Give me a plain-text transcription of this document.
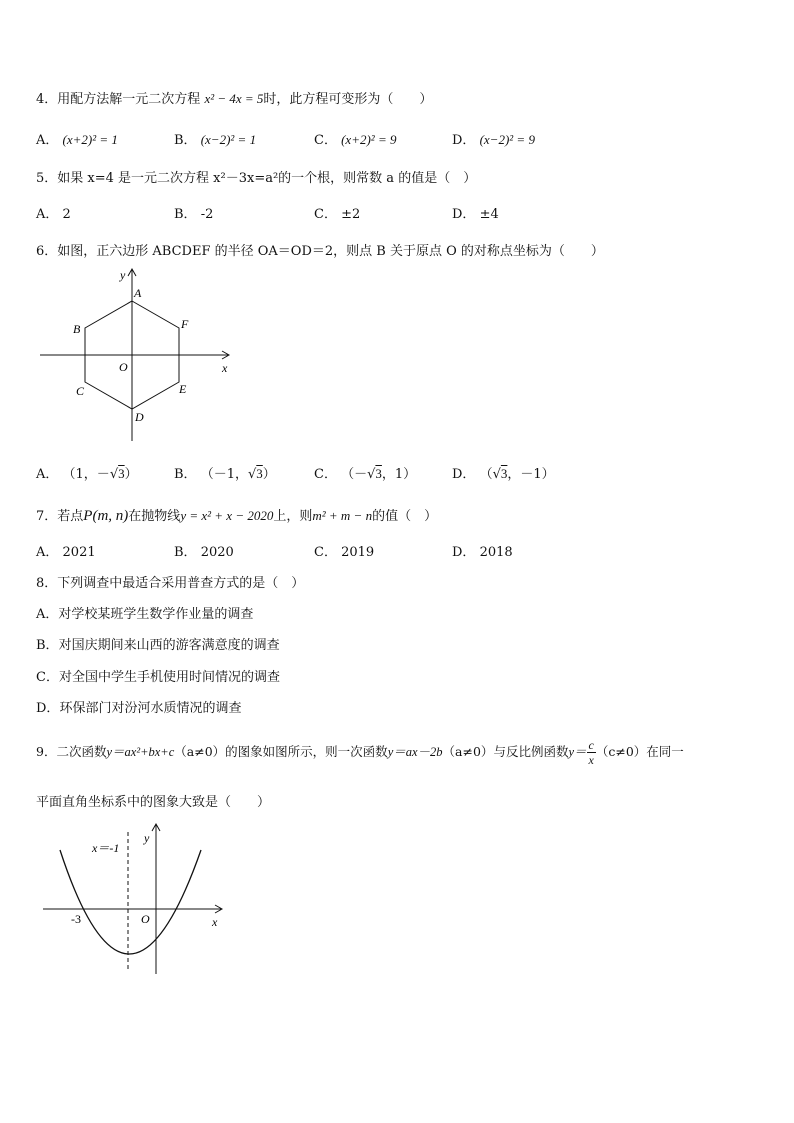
4．用配方法解一元二次方程 x² − 4x = 5时，此方程可变形为（　　）
A． (x+2)² = 1	B． (x−2)² = 1	C． (x+2)² = 9	D． (x−2)² = 9
5．如果 x=4 是一元二次方程 x²－3x=a²的一个根，则常数 a 的值是（　）
A． 2	B． -2	C． ±2	D． ±4
6．如图，正六边形 ABCDEF 的半径 OA＝OD＝2，则点 B 关于原点 O 的对称点坐标为（　　）
A
B
C
D
E
F
O	x
y
A． （1，－√3）	B． （－1，√3）	C． （－√3，1）	D． （√3，－1）
7．若点P(m, n)在抛物线y = x² + x − 2020上，则m² + m − n的值（　）
A． 2021	B． 2020	C． 2019	D． 2018
8．下列调查中最适合采用普查方式的是（　）
A．对学校某班学生数学作业量的调查
B．对国庆期间来山西的游客满意度的调查
C．对全国中学生手机使用时间情况的调查
D．环保部门对汾河水质情况的调查
9．二次函数y＝ax²+bx+c（a≠0）的图象如图所示，则一次函数y＝ax－2b（a≠0）与反比例函数$y= \frac{c}{x} (c\ne 0)$在同一
平面直角坐标系中的图象大致是（　　）
x＝-1
y
-3	O	x
